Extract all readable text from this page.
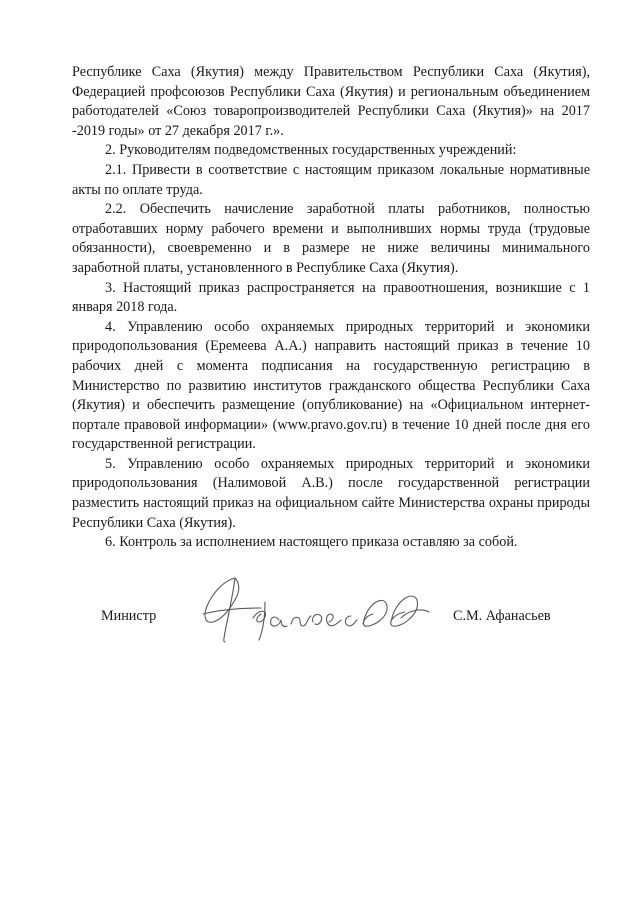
Республике Саха (Якутия) между Правительством Республики Саха (Якутия), Федерацией профсоюзов Республики Саха (Якутия) и региональным объединением работодателей «Союз товаропроизводителей Республики Саха (Якутия)» на 2017 -2019 годы» от 27 декабря 2017 г.».

2. Руководителям подведомственных государственных учреждений:

2.1. Привести в соответствие с настоящим приказом локальные нормативные акты по оплате труда.

2.2. Обеспечить начисление заработной платы работников, полностью отработавших норму рабочего времени и выполнивших нормы труда (трудовые обязанности), своевременно и в размере не ниже величины минимального заработной платы, установленного в Республике Саха (Якутия).

3. Настоящий приказ распространяется на правоотношения, возникшие с 1 января 2018 года.

4. Управлению особо охраняемых природных территорий и экономики природопользования (Еремеева А.А.) направить настоящий приказ в течение 10 рабочих дней с момента подписания на государственную регистрацию в Министерство по развитию институтов гражданского общества Республики Саха (Якутия) и обеспечить размещение (опубликование) на «Официальном интернет-портале правовой информации» (www.pravo.gov.ru) в течение 10 дней после дня его государственной регистрации.

5. Управлению особо охраняемых природных территорий и экономики природопользования (Налимовой А.В.) после государственной регистрации разместить настоящий приказ на официальном сайте Министерства охраны природы Республики Саха (Якутия).

6. Контроль за исполнением настоящего приказа оставляю за собой.

Министр	С.М. Афанасьев
